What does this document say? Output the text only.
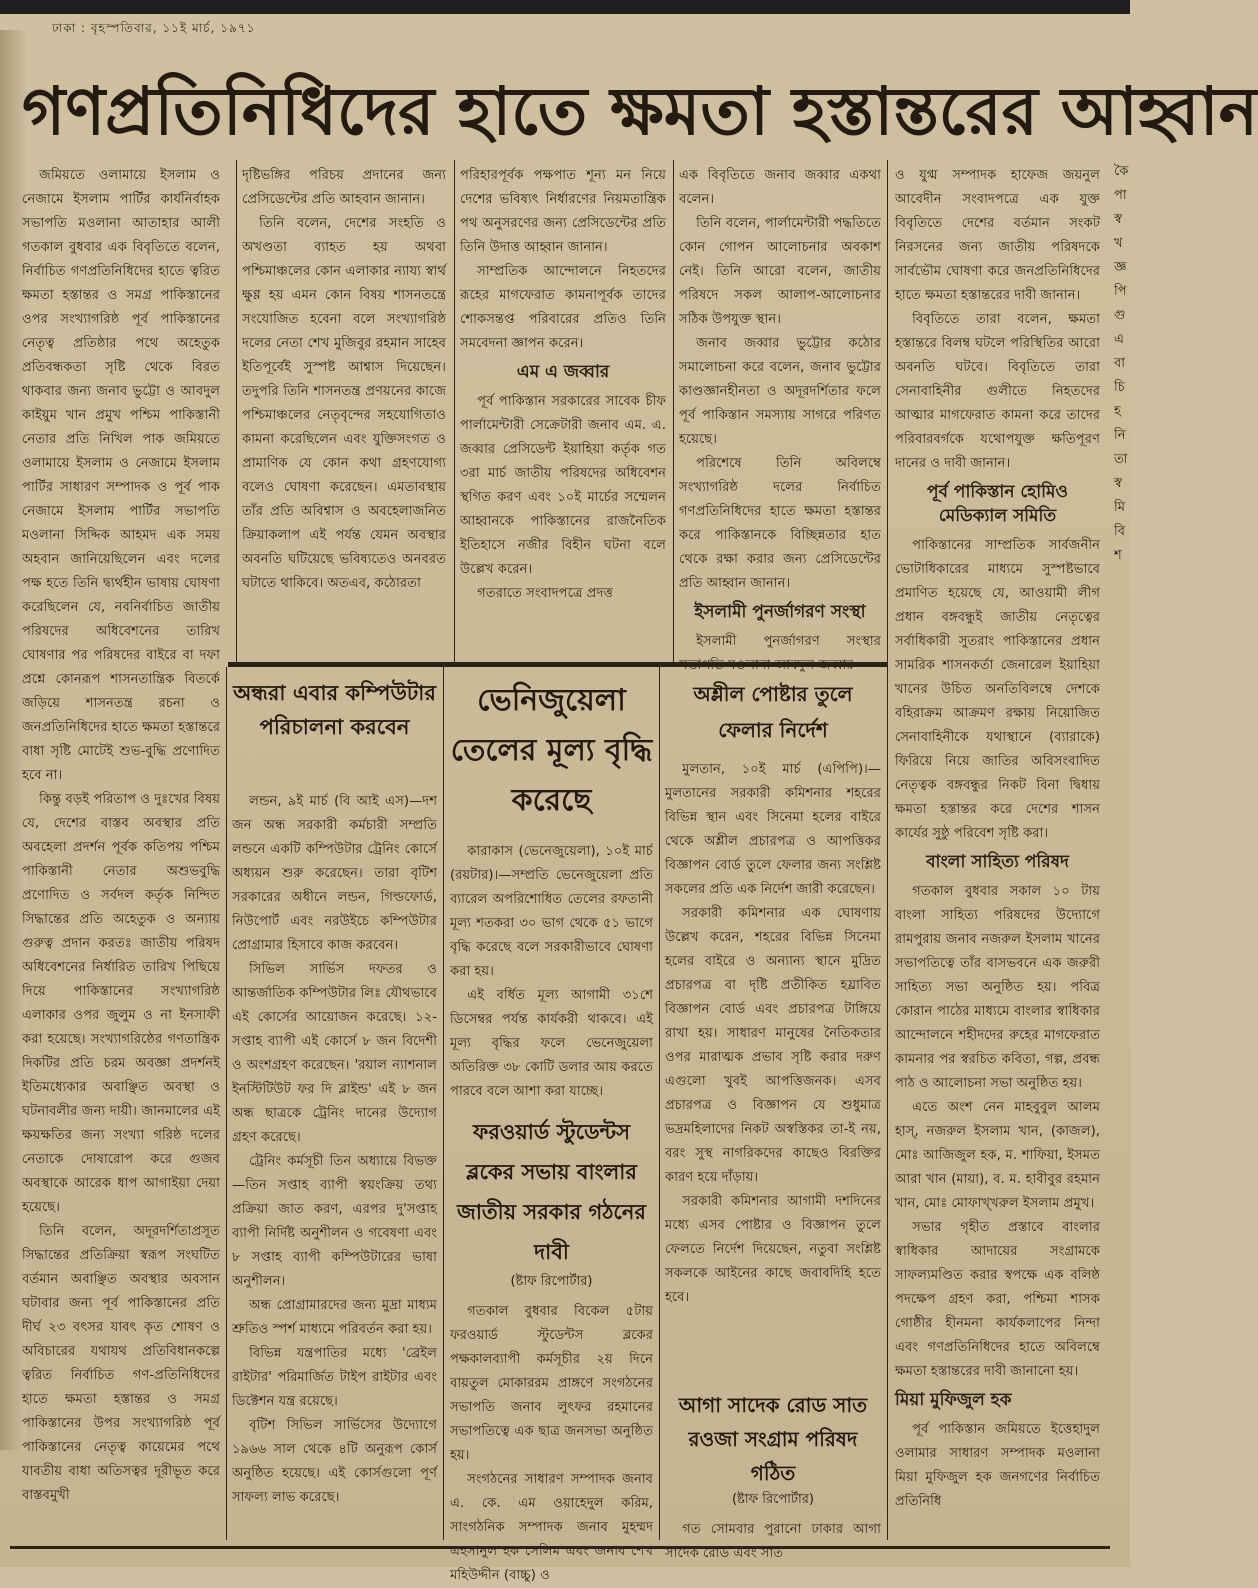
ঢাকা : বৃহস্পতিবার, ১১ই মার্চ, ১৯৭১
গণপ্রতিনিধিদের হাতে ক্ষমতা হস্তান্তরের আহ্বান

জমিয়তে ওলামায়ে ইসলাম ও নেজামে ইসলাম পার্টির কার্যনির্বাহক সভাপতি মওলানা আতাহার আলী গতকাল বুধবার এক বিবৃতিতে বলেন, নির্বাচিত গণপ্রতিনিধিদের হাতে ত্বরিত ক্ষমতা হস্তান্তর ও সমগ্র পাকিস্তানের ওপর সংখ্যাগরিষ্ঠ পূর্ব পাকিস্তানের নেতৃত্ব প্রতিষ্ঠার পথে অহেতুক প্রতিবন্ধকতা সৃষ্টি থেকে বিরত থাকবার জন্য জনাব ভুট্টো ও আবদুল কাইয়ুম খান প্রমুখ পশ্চিম পাকিস্তানী নেতার প্রতি নিখিল পাক জমিয়তে ওলামায়ে ইসলাম ও নেজামে ইসলাম পার্টির সাধারণ সম্পাদক ও পূর্ব পাক নেজামে ইসলাম পার্টির সভাপতি মওলানা সিদ্দিক আহমদ এক সময় অহবান জানিয়েছিলেন এবং দলের পক্ষ হতে তিনি দ্ব্যর্থহীন ভাষায় ঘোষণা করেছিলেন যে, নবনির্বাচিত জাতীয় পরিষদের অধিবেশনের তারিখ ঘোষণার পর পরিষদের বাইরে বা দফা প্রশ্নে কোনরূপ শাসনতান্ত্রিক বিতর্কে জড়িয়ে শাসনতন্ত্র রচনা ও জনপ্রতিনিধিদের হাতে ক্ষমতা হস্তান্তরে বাধা সৃষ্টি মোটেই শুভ-বুদ্ধি প্রণোদিত হবে না।

কিন্তু বড়ই পরিতাপ ও দুঃখের বিষয় যে, দেশের বাস্তব অবস্থার প্রতি অবহেলা প্রদর্শন পূর্বক কতিপয় পশ্চিম পাকিস্তানী নেতার অশুভবুদ্ধি প্রণোদিত ও সর্বদল কর্তৃক নিন্দিত সিদ্ধান্তের প্রতি অহেতুক ও অন্যায় গুরুত্ব প্রদান করতঃ জাতীয় পরিষদ অধিবেশনের নির্ধারিত তারিখ পিছিয়ে দিয়ে পাকিস্তানের সংখ্যাগরিষ্ঠ এলাকার ওপর জুলুম ও না ইনসাফী করা হয়েছে। সংখ্যাগরিষ্ঠের গণতান্ত্রিক দিকটির প্রতি চরম অবজ্ঞা প্রদর্শনই ইতিমধ্যেকার অবাঞ্ছিত অবস্থা ও ঘটনাবলীর জন্য দায়ী। জানমালের এই ক্ষয়ক্ষতির জন্য সংখ্যা গরিষ্ঠ দলের নেতাকে দোষারোপ করে গুজব অবস্থাকে আরেক ধাপ আগাইয়া দেয়া হয়েছে।

তিনি বলেন, অদূরদর্শিতাপ্রসূত সিদ্ধান্তের প্রতিক্রিয়া স্বরূপ সংঘটিত বর্তমান অবাঞ্ছিত অবস্থার অবসান ঘটাবার জন্য পূর্ব পাকিস্তানের প্রতি দীর্ঘ ২৩ বৎসর যাবৎ কৃত শোষণ ও অবিচারের যথাযথ প্রতিবিধানকল্পে ত্বরিত নির্বাচিত গণ-প্রতিনিধিদের হাতে ক্ষমতা হস্তান্তর ও সমগ্র পাকিস্তানের উপর সংখ্যাগরিষ্ঠ পূর্ব পাকিস্তানের নেতৃত্ব কায়েমের পথে যাবতীয় বাধা অতিসত্বর দূরীভূত করে বাস্তবমুখী

দৃষ্টিভঙ্গির পরিচয় প্রদানের জন্য প্রেসিডেন্টের প্রতি আহবান জানান।

তিনি বলেন, দেশের সংহতি ও অখণ্ডতা ব্যাহত হয় অথবা পশ্চিমাঞ্চলের কোন এলাকার ন্যায্য স্বার্থ ক্ষুণ্ণ হয় এমন কোন বিষয় শাসনতন্ত্রে সংযোজিত হবেনা বলে সংখ্যাগরিষ্ঠ দলের নেতা শেখ মুজিবুর রহমান সাহেব ইতিপূর্বেই সুস্পষ্ট আশ্বাস দিয়েছেন। তদুপরি তিনি শাসনতন্ত্র প্রণয়নের কাজে পশ্চিমাঞ্চলের নেতৃবৃন্দের সহযোগিতাও কামনা করেছিলেন এবং যুক্তিসংগত ও প্রামাণিক যে কোন কথা গ্রহণযোগ্য বলেও ঘোষণা করেছেন। এমতাবস্থায় তাঁর প্রতি অবিশ্বাস ও অবহেলাজনিত ক্রিয়াকলাপ এই পর্যন্ত যেমন অবস্থার অবনতি ঘটিয়েছে ভবিষ্যতেও অনবরত ঘটাতে থাকিবে। অতএব, কঠোরতা

পরিহারপূর্বক পক্ষপাত শূন্য মন নিয়ে দেশের ভবিষ্যৎ নির্ধারণের নিয়মতান্ত্রিক পথ অনুসরণের জন্য প্রেসিডেন্টের প্রতি তিনি উদাত্ত আহ্বান জানান।

সাম্প্রতিক আন্দোলনে নিহতদের রূহের মাগফেরাত কামনাপূর্বক তাদের শোকসন্তপ্ত পরিবারের প্রতিও তিনি সমবেদনা জ্ঞাপন করেন।

এম এ জব্বার

পূর্ব পাকিস্তান সরকারের সাবেক চীফ পার্লামেন্টারী সেক্রেটারী জনাব এম. এ. জব্বার প্রেসিডেন্ট ইয়াহিয়া কর্তৃক গত ৩রা মার্চ জাতীয় পরিষদের অধিবেশন স্থগিত করণ এবং ১০ই মার্চের সম্মেলন আহ্বানকে পাকিস্তানের রাজনৈতিক ইতিহাসে নজীর বিহীন ঘটনা বলে উল্লেখ করেন।

গতরাতে সংবাদপত্রে প্রদত্ত

এক বিবৃতিতে জনাব জব্বার একথা বলেন।

তিনি বলেন, পার্লামেন্টারী পদ্ধতিতে কোন গোপন আলোচনার অবকাশ নেই। তিনি আরো বলেন, জাতীয় পরিষদে সকল আলাপ-আলোচনার সঠিক উপযুক্ত স্থান।

জনাব জব্বার ভুট্টোর কঠোর সমালোচনা করে বলেন, জনাব ভুট্টোর কাণ্ডজ্ঞানহীনতা ও অদূরদর্শিতার ফলে পূর্ব পাকিস্তান সমস্যায় সাগরে পরিণত হয়েছে।

পরিশেষে তিনি অবিলম্বে সংখ্যাগরিষ্ঠ দলের নির্বাচিত গণপ্রতিনিধিদের হাতে ক্ষমতা হস্তান্তর করে পাকিস্তানকে বিচ্ছিন্নতার হাত থেকে রক্ষা করার জন্য প্রেসিডেন্টের প্রতি আহ্বান জানান।

ইসলামী পুনর্জাগরণ সংস্থা

ইসলামী পুনর্জাগরণ সংস্থার সভাপতি মওলানা আবদুল জব্বার

ও যুগ্ম সম্পাদক হাফেজ জয়নুল আবেদীন সংবাদপত্রে এক যুক্ত বিবৃতিতে দেশের বর্তমান সংকট নিরসনের জন্য জাতীয় পরিষদকে সার্বভৌম ঘোষণা করে জনপ্রতিনিধিদের হাতে ক্ষমতা হস্তান্তরের দাবী জানান।

বিবৃতিতে তারা বলেন, ক্ষমতা হস্তান্তরে বিলম্ব ঘটলে পরিস্থিতির আরো অবনতি ঘটবে। বিবৃতিতে তারা সেনাবাহিনীর গুলীতে নিহতদের আত্মার মাগফেরাত কামনা করে তাদের পরিবারবর্গকে যথোপযুক্ত ক্ষতিপূরণ দানের ও দাবী জানান।

পূর্ব পাকিস্তান হোমিও মেডিক্যাল সমিতি

পাকিস্তানের সাম্প্রতিক সার্বজনীন ভোটাধিকারের মাধ্যমে সুস্পষ্টভাবে প্রমাণিত হয়েছে যে, আওয়ামী লীগ প্রধান বঙ্গবন্ধুই জাতীয় নেতৃত্বের সর্বাধিকারী সুতরাং পাকিস্তানের প্রধান সামরিক শাসনকর্তা জেনারেল ইয়াহিয়া খানের উচিত অনতিবিলম্বে দেশকে বহিরাক্রম আক্রমণ রক্ষায় নিয়োজিত সেনাবাহিনীকে যথাস্থানে (ব্যারাকে) ফিরিয়ে নিয়ে জাতির অবিসংবাদিত নেতৃত্বক বঙ্গবন্ধুর নিকট বিনা দ্বিধায় ক্ষমতা হস্তান্তর করে দেশের শাসন কার্যের সুষ্ঠু পরিবেশ সৃষ্টি করা।

বাংলা সাহিত্য পরিষদ

গতকাল বুধবার সকাল ১০ টায় বাংলা সাহিত্য পরিষদের উদ্যোগে রামপুরায় জনাব নজরুল ইসলাম খানের সভাপতিত্বে তাঁর বাসভবনে এক জরুরী সাহিত্য সভা অনুষ্ঠিত হয়। পবিত্র কোরান পাঠের মাধ্যমে বাংলার স্বাধিকার আন্দোলনে শহীদদের রুহের মাগফেরাত কামনার পর স্বরচিত কবিতা, গল্প, প্রবন্ধ পাঠ ও আলোচনা সভা অনুষ্ঠিত হয়।

এতে অংশ নেন মাহবুবুল আলম হাস্, নজরুল ইসলাম খান, (কাজল), মোঃ আজিজুল হক, ম. শাফিয়া, ইসমত আরা খান (মায়া), ব. ম. হাবীবুর রহমান খান, মোঃ মোফাখ্খরুল ইসলাম প্রমুখ।

সভার গৃহীত প্রস্তাবে বাংলার স্বাধিকার আদায়ের সংগ্রামকে সাফল্যমণ্ডিত করার স্বপক্ষে এক বলিষ্ঠ পদক্ষেপ গ্রহণ করা, পশ্চিমা শাসক গোষ্ঠীর হীনমনা কার্যকলাপের নিন্দা এবং গণপ্রতিনিধিদের হাতে অবিলম্বে ক্ষমতা হস্তান্তরের দাবী জানানো হয়।

মিয়া মুফিজুল হক

পূর্ব পাকিস্তান জমিয়তে ইত্তেহাদুল ওলামার সাধারণ সম্পাদক মওলানা মিয়া মুফিজুল হক জনগণের নির্বাচিত প্রতিনিধি

অন্ধরা এবার কম্পিউটার পরিচালনা করবেন

লন্ডন, ৯ই মার্চ (বি আই এস)—দশ জন অন্ধ সরকারী কর্মচারী সম্প্রতি লন্ডনে একটি কম্পিউটার ট্রেনিং কোর্সে অধ্যয়ন শুরু করেছেন। তারা বৃটিশ সরকারের অধীনে লন্ডন, গিল্ডফোর্ড, নিউপোর্ট এবং নরউইচে কম্পিউটার প্রোগ্রামার হিসাবে কাজ করবেন।

সিভিল সার্ভিস দফতর ও আন্তর্জাতিক কম্পিউটার লিঃ যৌথভাবে এই কোর্সের আয়োজন করেছে। ১২-সপ্তাহ ব্যাপী এই কোর্সে ৮ জন বিদেশী ও অংশগ্রহণ করেছেন। 'রয়াল ন্যাশনাল ইনস্টিটিউট ফর দি ব্লাইন্ড' এই ৮ জন অন্ধ ছাত্রকে ট্রেনিং দানের উদ্যোগ গ্রহণ করেছে।

ট্রেনিং কর্মসূচী তিন অধ্যায়ে বিভক্ত—তিন সপ্তাহ ব্যাপী স্বয়ংক্রিয় তথ্য প্রক্রিয়া জাত করণ, এরপর দু'সপ্তাহ ব্যাপী নির্দিষ্ট অনুশীলন ও গবেষণা এবং ৮ সপ্তাহ ব্যাপী কম্পিউটারের ভাষা অনুশীলন।

অন্ধ প্রোগ্রামারদের জন্য মুদ্রা মাধ্যম শ্রুতিও স্পর্শ মাধ্যমে পরিবর্তন করা হয়।

বিভিন্ন যন্ত্রপাতির মধ্যে 'ব্রেইল রাইটার' পরিমার্জিত টাইপ রাইটার এবং ডিক্টেশন যন্ত্র রয়েছে।

বৃটিশ সিভিল সার্ভিসের উদ্যোগে ১৯৬৬ সাল থেকে ৪টি অনুরূপ কোর্স অনুষ্ঠিত হয়েছে। এই কোর্সগুলো পূর্ণ সাফল্য লাভ করেছে।

ভেনিজুয়েলা তেলের মূল্য বৃদ্ধি করেছে

কারাকাস (ভেনেজুয়েলা), ১০ই মার্চ (রয়টার)।—সম্প্রতি ভেনেজুয়েলা প্রতি ব্যারেল অপরিশোধিত তেলের রফতানী মূল্য শতকরা ৩০ ভাগ থেকে ৫১ ভাগে বৃদ্ধি করেছে বলে সরকারীভাবে ঘোষণা করা হয়।

এই বর্ধিত মূল্য আগামী ৩১শে ডিসেম্বর পর্যন্ত কার্যকরী থাকবে। এই মূল্য বৃদ্ধির ফলে ভেনেজুয়েলা অতিরিক্ত ৩৮ কোটি ডলার আয় করতে পারবে বলে আশা করা যাচ্ছে।

ফরওয়ার্ড স্টুডেন্টস ব্লকের সভায় বাংলার জাতীয় সরকার গঠনের দাবী
(ষ্টাফ রিপোর্টার)

গতকাল বুধবার বিকেল ৫টায় ফরওয়ার্ড স্টুডেন্টস ব্লকের পক্ষকালব্যাপী কর্মসূচীর ২য় দিনে বায়তুল মোকাররম প্রাঙ্গণে সংগঠনের সভাপতি জনাব লুৎফর রহমানের সভাপতিত্বে এক ছাত্র জনসভা অনুষ্ঠিত হয়।

সংগঠনের সাধারণ সম্পাদক জনাব এ. কে. এম ওয়াহেদুল করিম, সাংগঠনিক সম্পাদক জনাব মুহম্মদ এহসানুল হক সেলিম এবং জনাব শেখ মহিউদ্দীন (বাচ্চু) ও

অশ্লীল পোষ্টার তুলে ফেলার নির্দেশ

মুলতান, ১০ই মার্চ (এপিপি)।—মুলতানের সরকারী কমিশনার শহরের বিভিন্ন স্থান এবং সিনেমা হলের বাইরে থেকে অশ্লীল প্রচারপত্র ও আপত্তিকর বিজ্ঞাপন বোর্ড তুলে ফেলার জন্য সংশ্লিষ্ট সকলের প্রতি এক নির্দেশ জারী করেছেন।

সরকারী কমিশনার এক ঘোষণায় উল্লেখ করেন, শহরের বিভিন্ন সিনেমা হলের বাইরে ও অন্যান্য স্থানে মুদ্রিত প্রচারপত্র বা দৃষ্টি প্রতীকিত হয়্রাবিত বিজ্ঞাপন বোর্ড এবং প্রচারপত্র টাঙ্গিয়ে রাখা হয়। সাধারণ মানুষের নৈতিকতার ওপর মারাত্মক প্রভাব সৃষ্টি করার দরুণ এগুলো খুবই আপত্তিজনক। এসব প্রচারপত্র ও বিজ্ঞাপন যে শুধুমাত্র ভদ্রমহিলাদের নিকট অস্বস্তিকর তা-ই নয়, বরং সুস্থ নাগরিকদের কাছেও বিরক্তির কারণ হয়ে দাঁড়ায়।

সরকারী কমিশনার আগামী দশদিনের মধ্যে এসব পোষ্টার ও বিজ্ঞাপন তুলে ফেলতে নির্দেশ দিয়েছেন, নতুবা সংশ্লিষ্ট সকলকে আইনের কাছে জবাবদিহি হতে হবে।

আগা সাদেক রোড সাত রওজা সংগ্রাম পরিষদ গঠিত
(ষ্টাফ রিপোর্টার)

গত সোমবার পুরানো ঢাকার আগা সাদেক রোড এবং সাত

কৈ পা স্ব খ জ্ঞ পি গু এ বা চি হ নি তা স্ব মি বি শ
